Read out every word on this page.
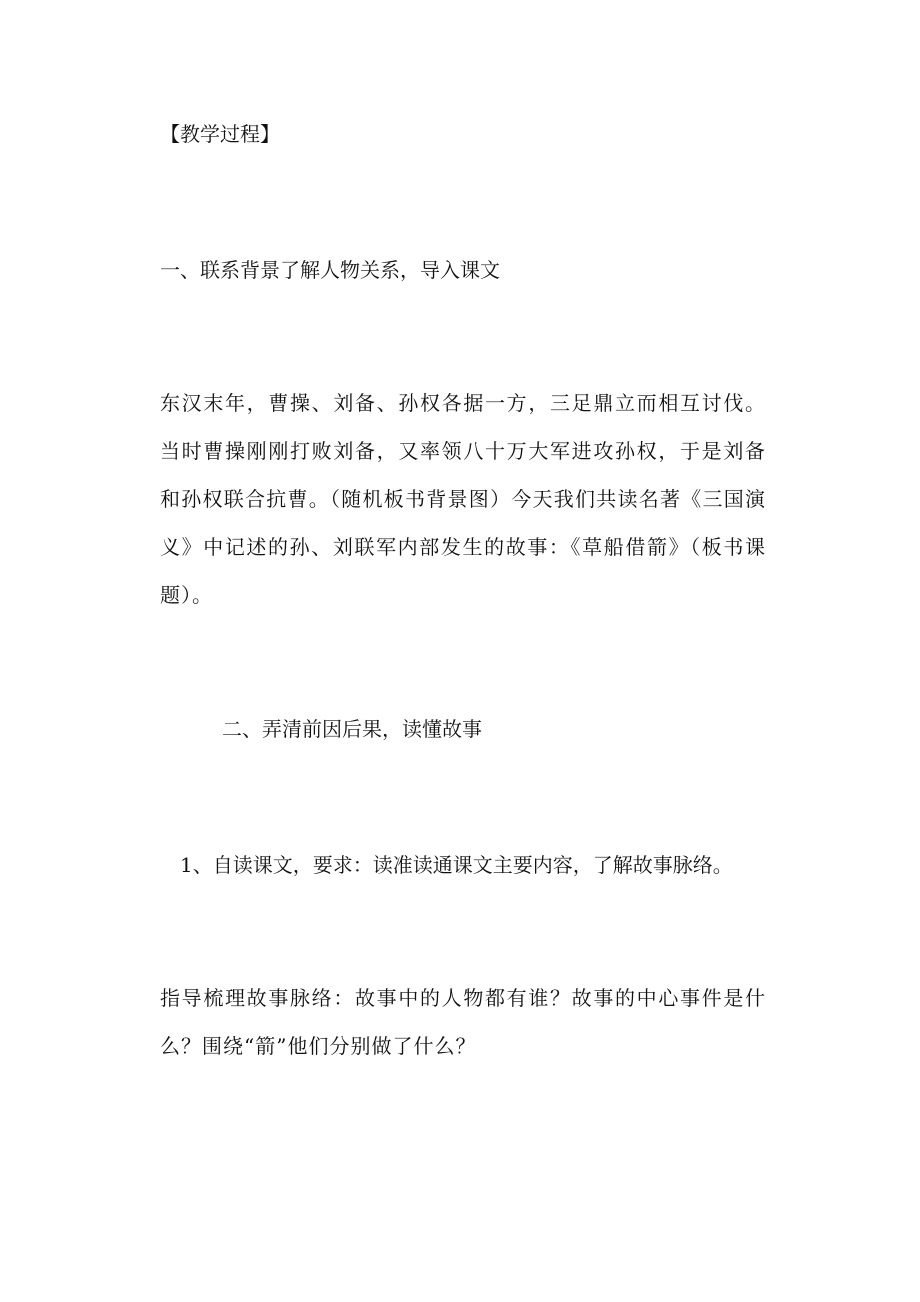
【教学过程】

一、联系背景了解人物关系，导入课文

东汉末年，曹操、刘备、孙权各据一方，三足鼎立而相互讨伐。当时曹操刚刚打败刘备，又率领八十万大军进攻孙权，于是刘备和孙权联合抗曹。（随机板书背景图）今天我们共读名著《三国演义》中记述的孙、刘联军内部发生的故事：《草船借箭》（板书课题）。

二、弄清前因后果，读懂故事

1、自读课文，要求：读准读通课文主要内容，了解故事脉络。

指导梳理故事脉络：故事中的人物都有谁？故事的中心事件是什么？围绕“箭”他们分别做了什么？
